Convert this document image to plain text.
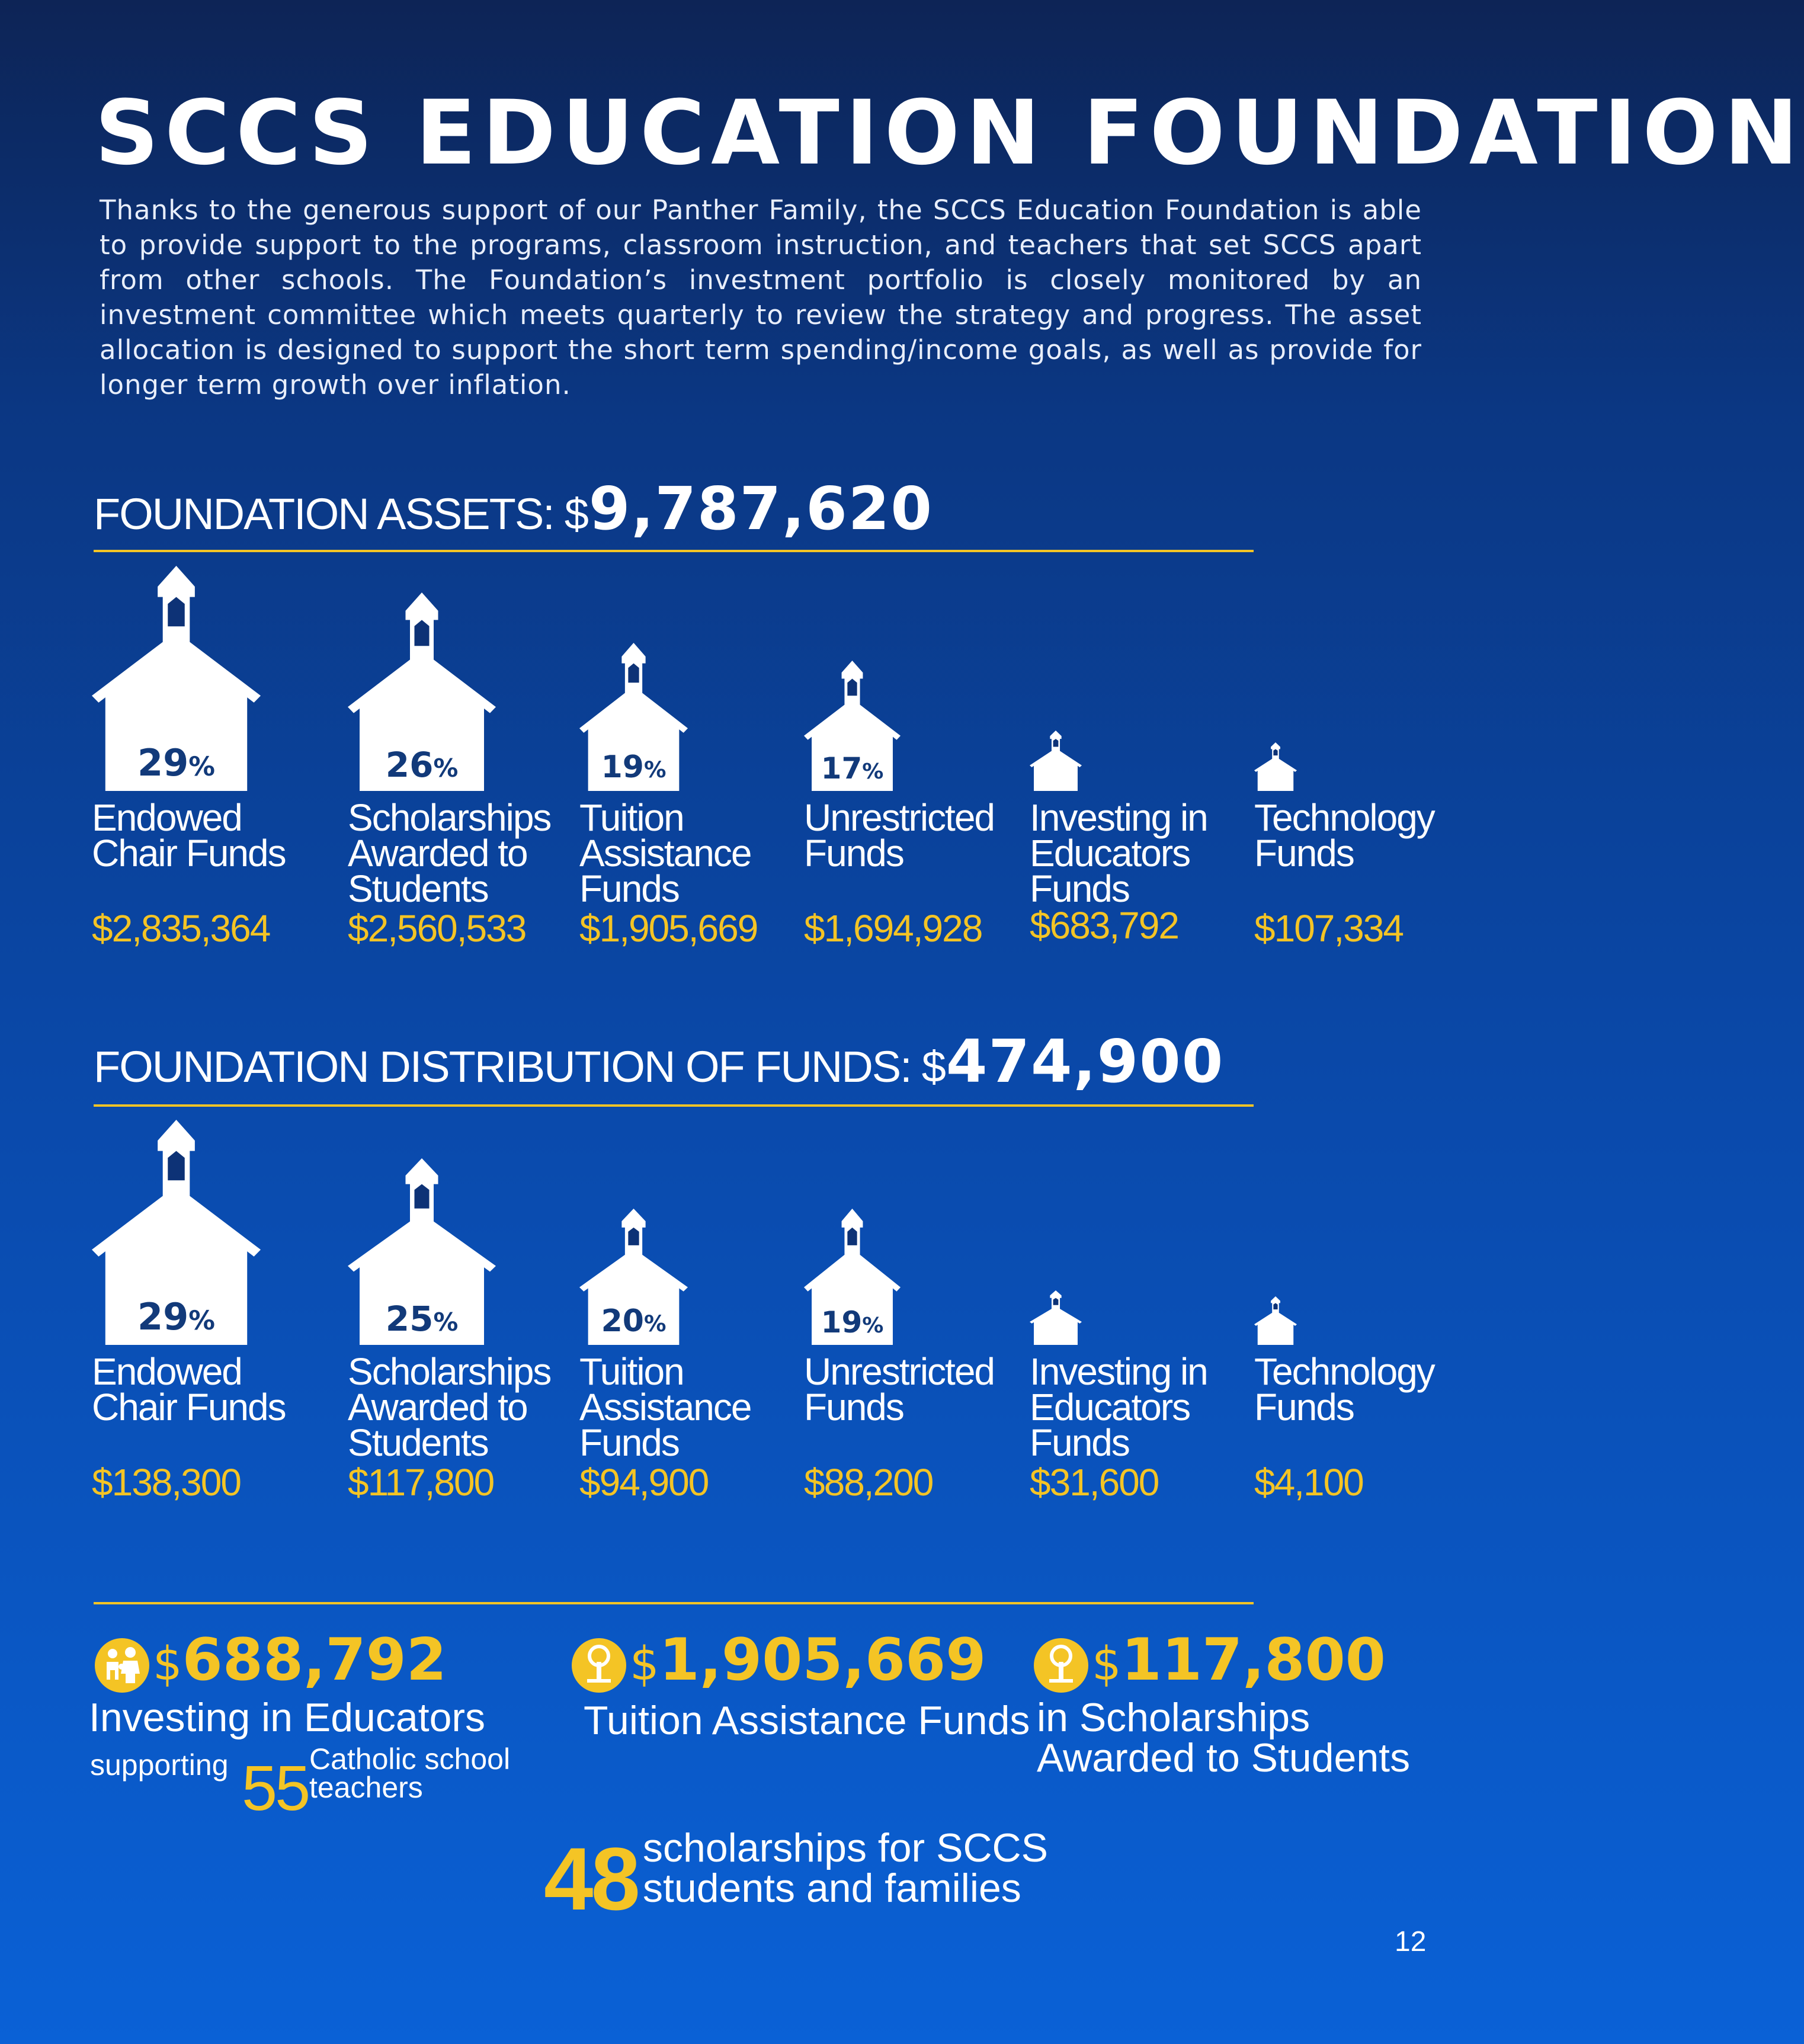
SCCS EDUCATION FOUNDATION
Thanks to the generous support of our Panther Family, the SCCS Education Foundation is able to provide support to the programs, classroom instruction, and teachers that set SCCS apart from other schools. The Foundation’s investment portfolio is closely monitored by an investment committee which meets quarterly to review the strategy and progress. The asset allocation is designed to support the short term spending/income goals, as well as provide for longer term growth over inflation.
FOUNDATION ASSETS: $9,787,620
29%
Endowed Chair Funds
$2,835,364
26%
Scholarships Awarded to Students
$2,560,533
19%
Tuition Assistance Funds
$1,905,669
17%
Unrestricted Funds
$1,694,928
Investing in Educators Funds
$683,792
Technology Funds
$107,334
FOUNDATION DISTRIBUTION OF FUNDS: $474,900
29%
Endowed Chair Funds
$138,300
25%
Scholarships Awarded to Students
$117,800
20%
Tuition Assistance Funds
$94,900
19%
Unrestricted Funds
$88,200
Investing in Educators Funds
$31,600
Technology Funds
$4,100
$688,792
Investing in Educators
supporting 55 Catholic school
teachers
$1,905,669
Tuition Assistance Funds
$117,800
in Scholarships
Awarded to Students
48 scholarships for SCCS
students and families
12
